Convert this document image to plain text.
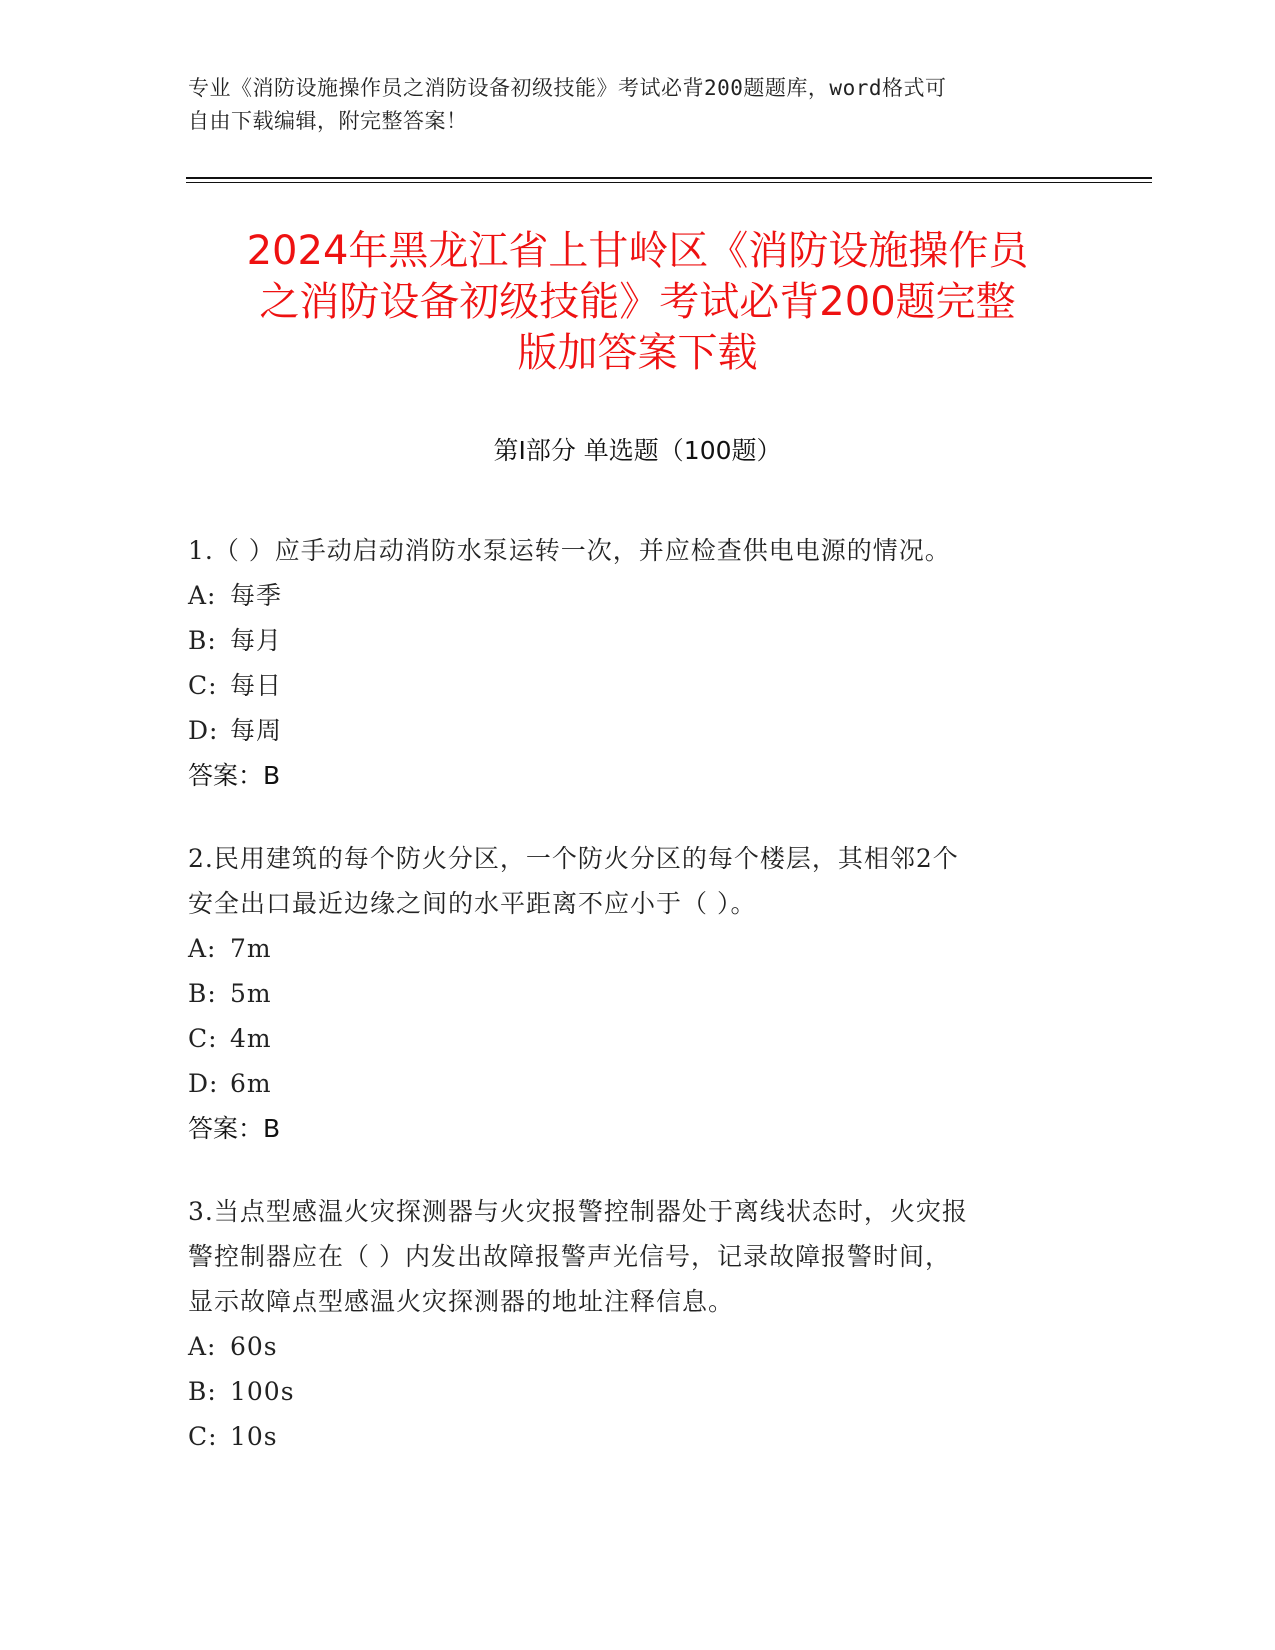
专业《消防设施操作员之消防设备初级技能》考试必背200题题库，word格式可
自由下载编辑，附完整答案！
2024年黑龙江省上甘岭区《消防设施操作员
之消防设备初级技能》考试必背200题完整
版加答案下载
第Ⅰ部分 单选题（100题）
1.（ ）应手动启动消防水泵运转一次，并应检查供电电源的情况。
A: 每季
B: 每月
C: 每日
D: 每周
答案：B
2.民用建筑的每个防火分区，一个防火分区的每个楼层，其相邻2个
安全出口最近边缘之间的水平距离不应小于（ ）。
A: 7m
B: 5m
C: 4m
D: 6m
答案：B
3.当点型感温火灾探测器与火灾报警控制器处于离线状态时，火灾报
警控制器应在（ ）内发出故障报警声光信号，记录故障报警时间，
显示故障点型感温火灾探测器的地址注释信息。
A: 60s
B: 100s
C: 10s
